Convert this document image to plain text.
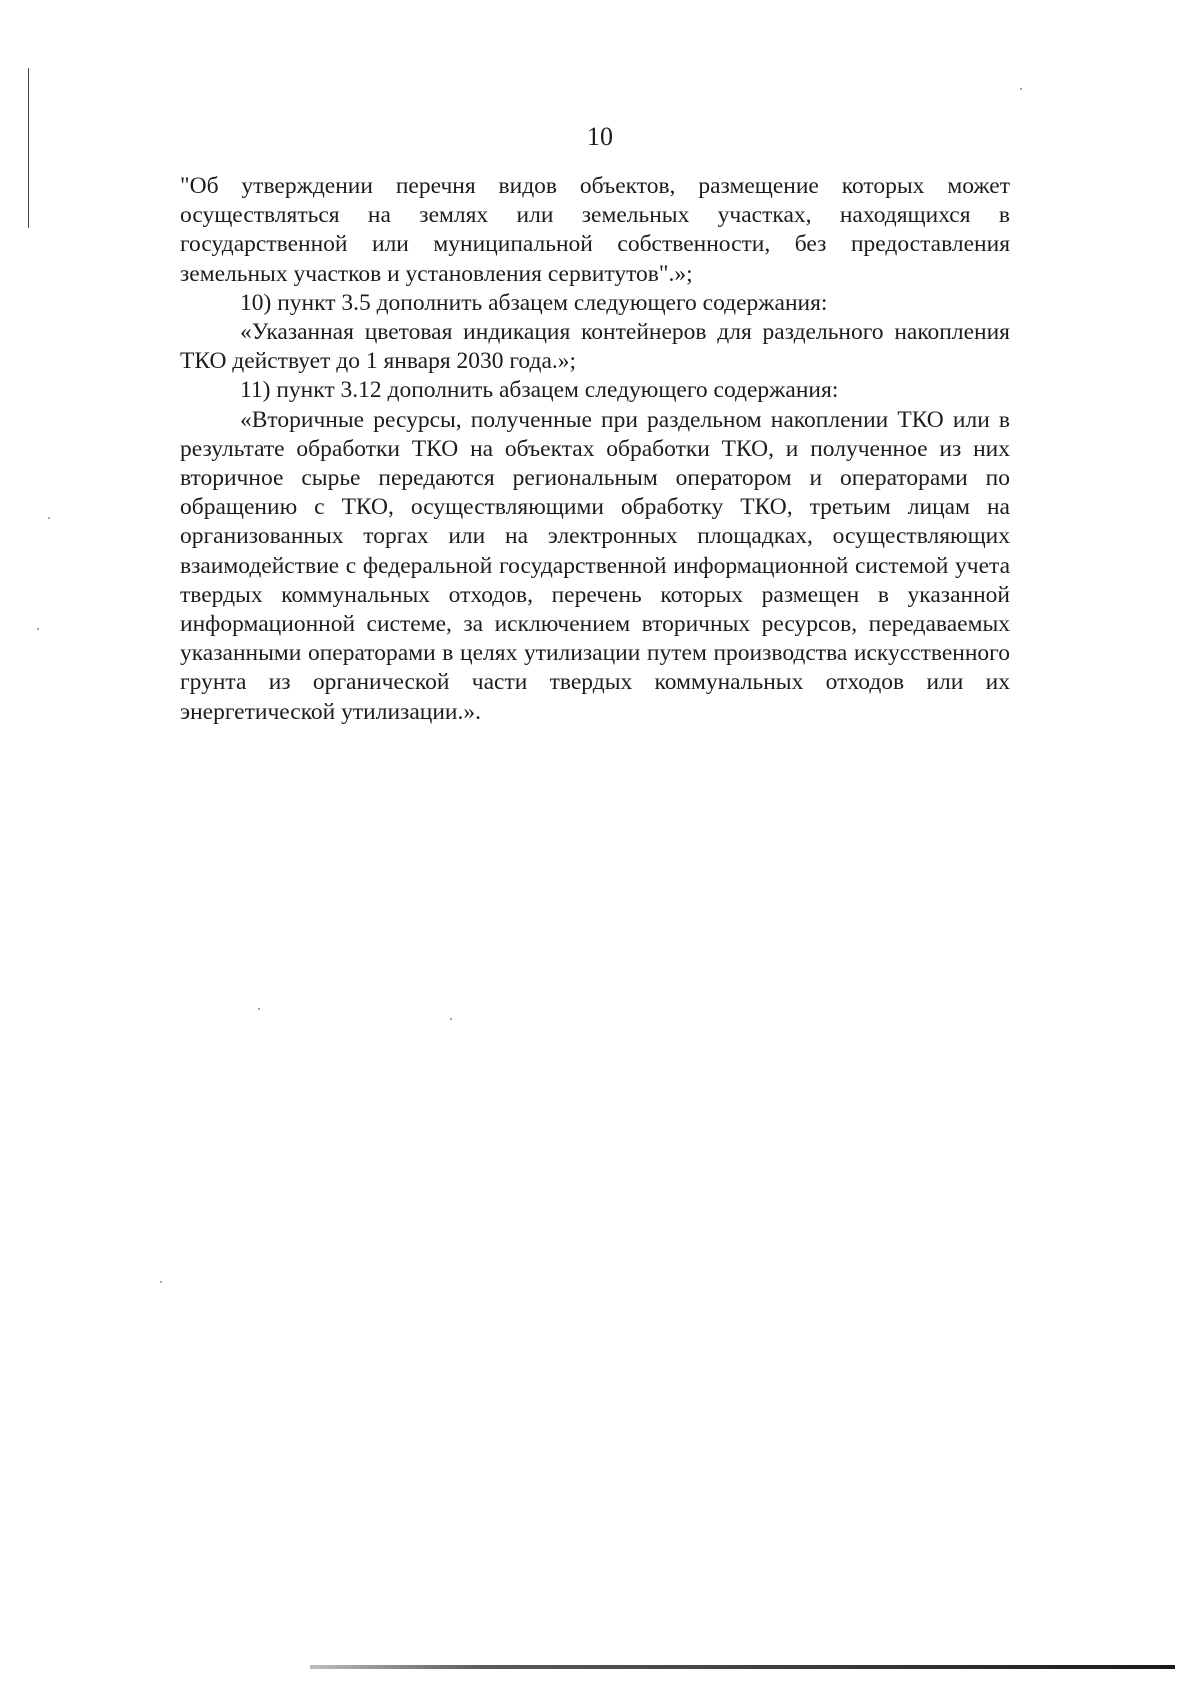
10

"Об утверждении перечня видов объектов, размещение которых может осуществляться на землях или земельных участках, находящихся в государственной или муниципальной собственности, без предоставления земельных участков и установления сервитутов".»;

10) пункт 3.5 дополнить абзацем следующего содержания:

«Указанная цветовая индикация контейнеров для раздельного накопления ТКО действует до 1 января 2030 года.»;

11) пункт 3.12 дополнить абзацем следующего содержания:

«Вторичные ресурсы, полученные при раздельном накоплении ТКО или в результате обработки ТКО на объектах обработки ТКО, и полученное из них вторичное сырье передаются региональным оператором и операторами по обращению с ТКО, осуществляющими обработку ТКО, третьим лицам на организованных торгах или на электронных площадках, осуществляющих взаимодействие с федеральной государственной информационной системой учета твердых коммунальных отходов, перечень которых размещен в указанной информационной системе, за исключением вторичных ресурсов, передаваемых указанными операторами в целях утилизации путем производства искусственного грунта из органической части твердых коммунальных отходов или их энергетической утилизации.».
